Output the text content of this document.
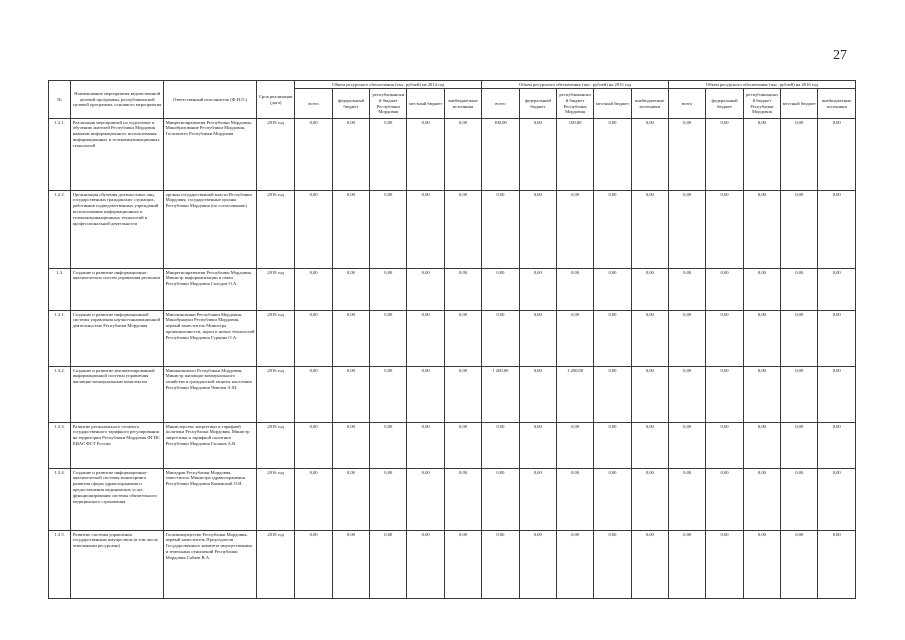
27
№	Наименование мероприятия ведомственной целевой программы, республиканской целевой программы, основного мероприятия	Ответственный исполнитель (Ф.И.О.)	Срок реализации (дата)	Объем ресурсного обеспечения (тыс. рублей) на 2014 год					Объем ресурсного обеспечения (тыс. рублей) на 2015 год					Объем ресурсного обеспечения (тыс. рублей) на 2016 год				
				всего	федеральный бюджет	республиканский бюджет Республики Мордовия	местный бюджет	внебюджетные источники	всего	федеральный бюджет	республиканский бюджет Республики Мордовия	местный бюджет	внебюджетные источники	всего	федеральный бюджет	республиканский бюджет Республики Мордовия	местный бюджет	внебюджетные источники
1.2.1.	Реализация мероприятий по подготовке и обучению жителей Республики Мордовия навыкам информационного использования информационных и телекоммуникационных технологий	Минрегионразвития Республики Мордовия, Минобразование Республики Мордовия, Госкомитет Республики Мордовия	2018 год	0,00	0,00	0,00	0,00	0,00	100,00	0,00	100,00	0,00	0,00	0,00	0,00	0,00	0,00	0,00
1.2.2.	Организация обучения должностных лиц, государственных гражданских служащих, работников подведомственных учреждений использованию информационных и телекоммуникационных технологий и профессиональной деятельности	органы государственной власти Республики Мордовия, государственные органы Республики Мордовия (по согласованию)	2016 год	0,00	0,00	0,00	0,00	0,00	0,00	0,00	0,00	0,00	0,00	0,00	0,00	0,00	0,00	0,00
1.3.	Создание и развитие информационно-аналитических систем управления регионом	Минрегионразвития Республики Мордовия, Министр информатизации и связи Республики Мордовия Солодов О.А.	2018 год	0,00	0,00	0,00	0,00	0,00	0,00	0,00	0,00	0,00	0,00	0,00	0,00	0,00	0,00	0,00
1.3.1.	Создание и развитие информационной системы управления научно-инновационной деятельностью Республики Мордовия	Минэкономики Республики Мордовия, Минобрнауки Республики Мордовия, первый заместитель Министра промышленности, науки и новых технологий Республики Мордовия Гуркина О.А.	2018 год	0,00	0,00	0,00	0,00	0,00	0,00	0,00	0,00	0,00	0,00	0,00	0,00	0,00	0,00	0,00
1.3.2.	Создание и развитие автоматизированной информационной системы управления жилищно-коммунальным комплексом	Минжилкомхоз Республики Мордовия, Министр жилищно-коммунального хозяйства и гражданской защиты населения Республики Мордовия Чевтаев А.М.	2016 год	0,00	0,00	0,00	0,00	0,00	1 200,00	0,00	1 200,00	0,00	0,00	0,00	0,00	0,00	0,00	0,00
1.3.3.	Развитие регионального сегмента государственного тарифного регулирования на территории Республики Мордовия ФГИС ЕИАС ФСТ России	Министерство энергетики и тарифной политики Республики Мордовия, Министр энергетики и тарифной политики Республики Мордовия Гасанов А.В.	2018 год	0,00	0,00	0,00	0,00	0,00	0,00	0,00	0,00	0,00	0,00	0,00	0,00	0,00	0,00	0,00
1.3.4.	Создание и развитие информационно-аналитической системы мониторинга развития сферы здравоохранения и предоставления медицинских услуг, функционирования системы обязательного медицинского страхования	Минздрав Республики Мордовия, заместитель Министра здравоохранения Республики Мордовия Каменский О.И.	2016 год	0,00	0,00	0,00	0,00	0,00	0,00	0,00	0,00	0,00	0,00	0,00	0,00	0,00	0,00	0,00
1.3.5.	Развитие системы управления государственным имуществом (в том числе земельными ресурсами)	Госкомимущество Республики Мордовия, первый заместитель Председателя Государственного комитета имущественных и земельных отношений Республики Мордовия Сабаев В.А.	2018 год	0,00	0,00	0,00	0,00	0,00	0,00	0,00	0,00	0,00	0,00	0,00	0,00	0,00	0,00	0,00
